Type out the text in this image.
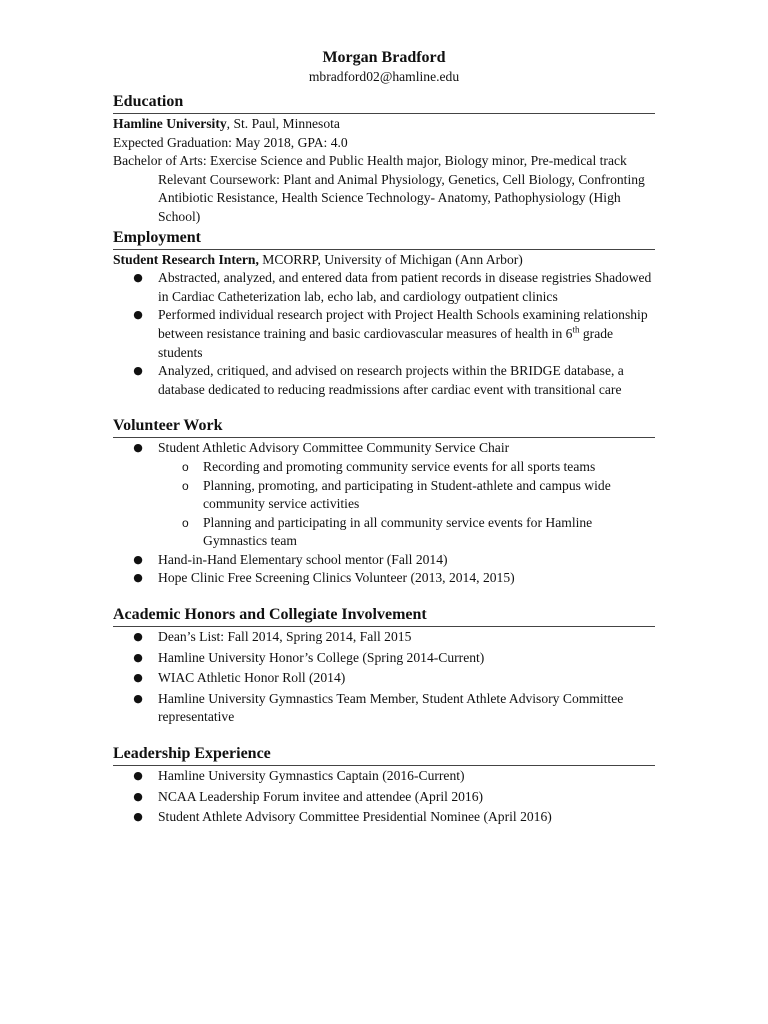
Morgan Bradford
mbradford02@hamline.edu
Education
Hamline University, St. Paul, Minnesota
Expected Graduation: May 2018, GPA: 4.0
Bachelor of Arts: Exercise Science and Public Health major, Biology minor, Pre-medical track
Relevant Coursework: Plant and Animal Physiology, Genetics, Cell Biology, Confronting Antibiotic Resistance, Health Science Technology- Anatomy, Pathophysiology (High School)
Employment
Student Research Intern, MCORRP, University of Michigan (Ann Arbor)
● Abstracted, analyzed, and entered data from patient records in disease registries Shadowed in Cardiac Catheterization lab, echo lab, and cardiology outpatient clinics
● Performed individual research project with Project Health Schools examining relationship between resistance training and basic cardiovascular measures of health in 6th grade students
● Analyzed, critiqued, and advised on research projects within the BRIDGE database, a database dedicated to reducing readmissions after cardiac event with transitional care
Volunteer Work
● Student Athletic Advisory Committee Community Service Chair
o Recording and promoting community service events for all sports teams
o Planning, promoting, and participating in Student-athlete and campus wide community service activities
o Planning and participating in all community service events for Hamline Gymnastics team
● Hand-in-Hand Elementary school mentor (Fall 2014)
● Hope Clinic Free Screening Clinics Volunteer (2013, 2014, 2015)
Academic Honors and Collegiate Involvement
● Dean’s List: Fall 2014, Spring 2014, Fall 2015
● Hamline University Honor’s College (Spring 2014-Current)
● WIAC Athletic Honor Roll (2014)
● Hamline University Gymnastics Team Member, Student Athlete Advisory Committee representative
Leadership Experience
● Hamline University Gymnastics Captain (2016-Current)
● NCAA Leadership Forum invitee and attendee (April 2016)
● Student Athlete Advisory Committee Presidential Nominee (April 2016)
